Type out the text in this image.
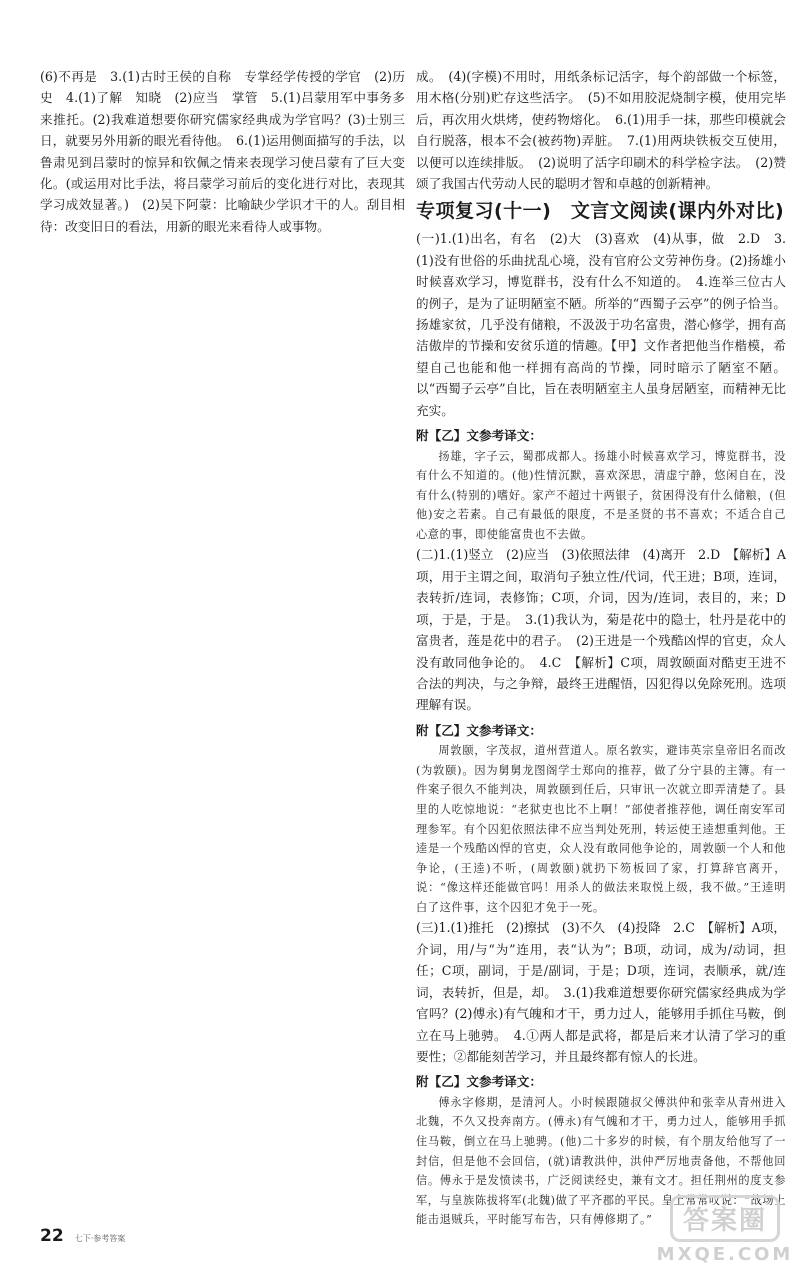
(6)不再是　3.(1)古时王侯的自称　专掌经学传授的学官　(2)历史　4.(1)了解　知晓　(2)应当　掌管　5.(1)吕蒙用军中事务多来推托。(2)我难道想要你研究儒家经典成为学官吗？(3)士别三日，就要另外用新的眼光看待他。　6.(1)运用侧面描写的手法，以鲁肃见到吕蒙时的惊异和钦佩之情来表现学习使吕蒙有了巨大变化。(或运用对比手法，将吕蒙学习前后的变化进行对比，表现其学习成效显著。)　(2)吴下阿蒙：比喻缺少学识才干的人。刮目相待：改变旧日的看法，用新的眼光来看待人或事物。

成。　(4)(字模)不用时，用纸条标记活字，每个韵部做一个标签，用木格(分别)贮存这些活字。　(5)不如用胶泥烧制字模，使用完毕后，再次用火烘烤，使药物熔化。　6.(1)用手一抹，那些印模就会自行脱落，根本不会(被药物)弄脏。　7.(1)用两块铁板交互使用，以便可以连续排版。　(2)说明了活字印刷术的科学检字法。　(2)赞颂了我国古代劳动人民的聪明才智和卓越的创新精神。

专项复习(十一)　文言文阅读(课内外对比)

(一)1.(1)出名，有名　(2)大　(3)喜欢　(4)从事，做　2.D　3.(1)没有世俗的乐曲扰乱心境，没有官府公文劳神伤身。(2)扬雄小时候喜欢学习，博览群书，没有什么不知道的。　4.连举三位古人的例子，是为了证明陋室不陋。所举的“西蜀子云亭”的例子恰当。扬雄家贫，几乎没有储粮，不汲汲于功名富贵，潜心修学，拥有高洁傲岸的节操和安贫乐道的情趣。【甲】文作者把他当作楷模，希望自己也能和他一样拥有高尚的节操，同时暗示了陋室不陋。以“西蜀子云亭”自比，旨在表明陋室主人虽身居陋室，而精神无比充实。

附【乙】文参考译文：

扬雄，字子云，蜀郡成都人。扬雄小时候喜欢学习，博览群书，没有什么不知道的。(他)性情沉默，喜欢深思，清虚宁静，悠闲自在，没有什么(特别的)嗜好。家产不超过十两银子，贫困得没有什么储粮，(但他)安之若素。自己有最低的限度，不是圣贤的书不喜欢；不适合自己心意的事，即使能富贵也不去做。

(二)1.(1)竖立　(2)应当　(3)依照法律　(4)离开　2.D　【解析】A项，用于主谓之间，取消句子独立性/代词，代王进；B项，连词，表转折/连词，表修饰；C项，介词，因为/连词，表目的，来；D项，于是，于是。　3.(1)我认为，菊是花中的隐士，牡丹是花中的富贵者，莲是花中的君子。　(2)王进是一个残酷凶悍的官吏，众人没有敢同他争论的。　4.C　【解析】C项，周敦颐面对酷吏王进不合法的判决，与之争辩，最终王进醒悟，囚犯得以免除死刑。选项理解有误。

附【乙】文参考译文：

周敦颐，字茂叔，道州营道人。原名敦实，避讳英宗皇帝旧名而改(为敦颐)。因为舅舅龙图阁学士郑向的推荐，做了分宁县的主簿。有一件案子很久不能判决，周敦颐到任后，只审讯一次就立即弄清楚了。县里的人吃惊地说：“老狱吏也比不上啊！”部使者推荐他，调任南安军司理参军。有个囚犯依照法律不应当判处死刑，转运使王逵想重判他。王逵是一个残酷凶悍的官吏，众人没有敢同他争论的，周敦颐一个人和他争论，(王逵)不听，(周敦颐)就扔下笏板回了家，打算辞官离开，说：“像这样还能做官吗！用杀人的做法来取悦上级，我不做。”王逵明白了这件事，这个囚犯才免于一死。

(三)1.(1)推托　(2)擦拭　(3)不久　(4)投降　2.C　【解析】A项，介词，用/与“为”连用，表“认为”；B项，动词，成为/动词，担任；C项，副词，于是/副词，于是；D项，连词，表顺承，就/连词，表转折，但是，却。　3.(1)我难道想要你研究儒家经典成为学官吗？(2)傅永)有气魄和才干，勇力过人，能够用手抓住马鞍，倒立在马上驰骋。　4.①两人都是武将，都是后来才认清了学习的重要性；②都能刻苦学习，并且最终都有惊人的长进。

附【乙】文参考译文：

傅永字修期，是清河人。小时候跟随叔父傅洪仲和张幸从青州进入北魏，不久又投奔南方。(傅永)有气魄和才干，勇力过人，能够用手抓住马鞍，倒立在马上驰骋。(他)二十多岁的时候，有个朋友给他写了一封信，但是他不会回信，(就)请教洪仲，洪仲严厉地责备他，不帮他回信。傅永于是发愤读书，广泛阅读经史，兼有文才。担任荆州的度支参军，与皇族陈拔将军(北魏)做了平齐郡的平民。皇上常常叹说：“战场上能击退贼兵，平时能写布告，只有傅修期了。”

22 七下·参考答案
答案圈
MXQE.COM
